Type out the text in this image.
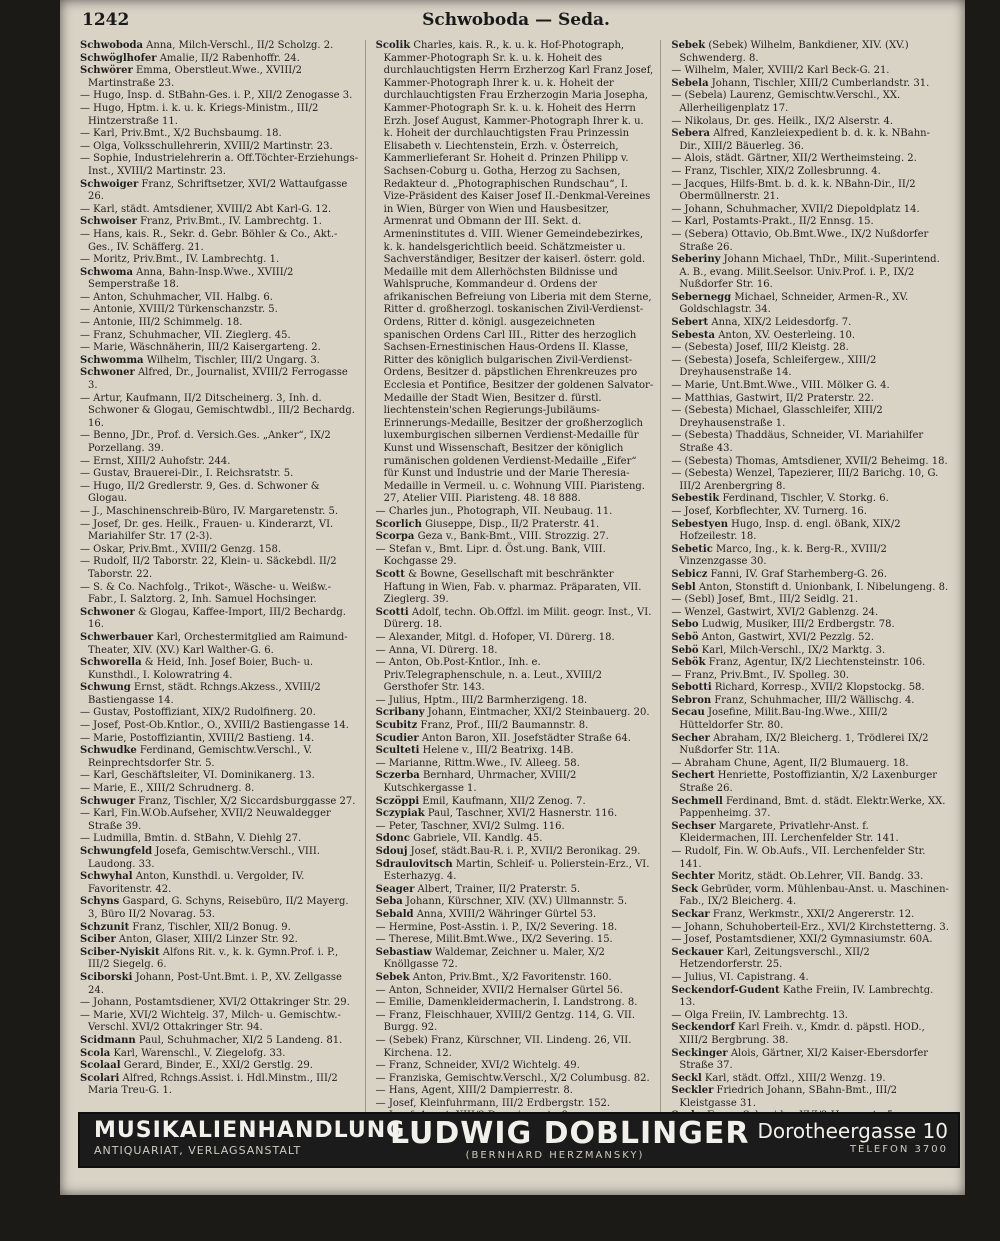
1242	Schwoboda — Seda.

Schwoboda Anna, Milch-Verschl., II/2 Scholzg. 2.

Schwöglhofer Amalie, II/2 Rabenhoffr. 24.

Schwörer Emma, Oberstleut.Wwe., XVIII/2 Martinstraße 23.

— Hugo, Insp. d. StBahn-Ges. i. P., XII/2 Zenogasse 3.

— Hugo, Hptm. i. k. u. k. Kriegs-Ministm., III/2 Hintzerstraße 11.

— Karl, Priv.Bmt., X/2 Buchsbaumg. 18.

— Olga, Volksschullehrerin, XVIII/2 Martinstr. 23.

— Sophie, Industrielehrerin a. Off.Töchter-Erziehungs-Inst., XVIII/2 Martinstr. 23.

Schwoiger Franz, Schriftsetzer, XVI/2 Wattaufgasse 26.

— Karl, städt. Amtsdiener, XVIII/2 Abt Karl-G. 12.

Schwoiser Franz, Priv.Bmt., IV. Lambrechtg. 1.

— Hans, kais. R., Sekr. d. Gebr. Böhler & Co., Akt.-Ges., IV. Schäfferg. 21.

— Moritz, Priv.Bmt., IV. Lambrechtg. 1.

Schwoma Anna, Bahn-Insp.Wwe., XVIII/2 Semperstraße 18.

— Anton, Schuhmacher, VII. Halbg. 6.

— Antonie, XVIII/2 Türkenschanzstr. 5.

— Antonie, III/2 Schimmelg. 18.

— Franz, Schuhmacher, VII. Zieglerg. 45.

— Marie, Wäschnäherin, III/2 Kaisergarteng. 2.

Schwomma Wilhelm, Tischler, III/2 Ungarg. 3.

Schwoner Alfred, Dr., Journalist, XVIII/2 Ferrogasse 3.

— Artur, Kaufmann, II/2 Ditscheinerg. 3, Inh. d. Schwoner & Glogau, Gemischtwdbl., III/2 Bechardg. 16.

— Benno, JDr., Prof. d. Versich.Ges. „Anker“, IX/2 Porzellang. 39.

— Ernst, XIII/2 Auhofstr. 244.

— Gustav, Brauerei-Dir., I. Reichsratstr. 5.

— Hugo, II/2 Gredlerstr. 9, Ges. d. Schwoner & Glogau.

— J., Maschinenschreib-Büro, IV. Margaretenstr. 5.

— Josef, Dr. ges. Heilk., Frauen- u. Kinderarzt, VI. Mariahilfer Str. 17 (2-3).

— Oskar, Priv.Bmt., XVIII/2 Genzg. 158.

— Rudolf, II/2 Taborstr. 22, Klein- u. Säckebdl. II/2 Taborstr. 22.

— S. & Co. Nachfolg., Trikot-, Wäsche- u. Weißw.-Fabr., I. Salztorg. 2, Inh. Samuel Hochsinger.

Schwoner & Glogau, Kaffee-Import, III/2 Bechardg. 16.

Schwerbauer Karl, Orchestermitglied am Raimund-Theater, XIV. (XV.) Karl Walther-G. 6.

Schworella & Heid, Inh. Josef Boier, Buch- u. Kunsthdl., I. Kolowratring 4.

Schwung Ernst, städt. Rchngs.Akzess., XVIII/2 Bastiengasse 14.

— Gustav, Postoffiziant, XIX/2 Rudolfinerg. 20.

— Josef, Post-Ob.Kntlor., O., XVIII/2 Bastiengasse 14.

— Marie, Postoffiziantin, XVIII/2 Bastieng. 14.

Schwudke Ferdinand, Gemischtw.Verschl., V. Reinprechtsdorfer Str. 5.

— Karl, Geschäftsleiter, VI. Dominikanerg. 13.

— Marie, E., XIII/2 Schrudnerg. 8.

Schwuger Franz, Tischler, X/2 Siccardsburggasse 27.

— Karl, Fin.W.Ob.Aufseher, XVII/2 Neuwaldegger Straße 39.

— Ludmilla, Bmtin. d. StBahn, V. Diehlg 27.

Schwungfeld Josefa, Gemischtw.Verschl., VIII. Laudong. 33.

Schwyhal Anton, Kunsthdl. u. Vergolder, IV. Favoritenstr. 42.

Schyns Gaspard, G. Schyns, Reisebüro, II/2 Mayerg. 3, Büro II/2 Novarag. 53.

Schzunit Franz, Tischler, XII/2 Bonug. 9.

Sciber Anton, Glaser, XIII/2 Linzer Str. 92.

Sciber-Nyiskit Alfons Rit. v., k. k. Gymn.Prof. i. P., III/2 Siegelg. 6.

Sciborski Johann, Post-Unt.Bmt. i. P., XV. Zellgasse 24.

— Johann, Postamtsdiener, XVI/2 Ottakringer Str. 29.

— Marie, XVI/2 Wichtelg. 37, Milch- u. Gemischtw.-Verschl. XVI/2 Ottakringer Str. 94.

Scidmann Paul, Schuhmacher, XI/2 5 Landeng. 81.

Scola Karl, Warenschl., V. Ziegelofg. 33.

Scolaal Gerard, Binder, E., XXI/2 Gerstlg. 29.

Scolari Alfred, Rchngs.Assist. i. Hdl.Minstm., III/2 Maria Treu-G. 1.

Scolik Charles, kais. R., k. u. k. Hof-Photograph, Kammer-Photograph Sr. k. u. k. Hoheit des durchlauchtigsten Herrn Erzherzog Karl Franz Josef, Kammer-Photograph Ihrer k. u. k. Hoheit der durchlauchtigsten Frau Erzherzogin Maria Josepha, Kammer-Photograph Sr. k. u. k. Hoheit des Herrn Erzh. Josef August, Kammer-Photograph Ihrer k. u. k. Hoheit der durchlauchtigsten Frau Prinzessin Elisabeth v. Liechtenstein, Erzh. v. Österreich, Kammerlieferant Sr. Hoheit d. Prinzen Philipp v. Sachsen-Coburg u. Gotha, Herzog zu Sachsen, Redakteur d. „Photographischen Rundschau“, I. Vize-Präsident des Kaiser Josef II.-Denkmal-Vereines in Wien, Bürger von Wien und Hausbesitzer, Armenrat und Obmann der III. Sekt. d. Armeninstitutes d. VIII. Wiener Gemeindebezirkes, k. k. handelsgerichtlich beeid. Schätzmeister u. Sachverständiger, Besitzer der kaiserl. österr. gold. Medaille mit dem Allerhöchsten Bildnisse und Wahlspruche, Kommandeur d. Ordens der afrikanischen Befreiung von Liberia mit dem Sterne, Ritter d. großherzogl. toskanischen Zivil-Verdienst-Ordens, Ritter d. königl. ausgezeichneten spanischen Ordens Carl III., Ritter des herzoglich Sachsen-Ernestinischen Haus-Ordens II. Klasse, Ritter des königlich bulgarischen Zivil-Verdienst-Ordens, Besitzer d. päpstlichen Ehrenkreuzes pro Ecclesia et Pontifice, Besitzer der goldenen Salvator-Medaille der Stadt Wien, Besitzer d. fürstl. liechtenstein'schen Regierungs-Jubiläums-Erinnerungs-Medaille, Besitzer der großherzoglich luxemburgischen silbernen Verdienst-Medaille für Kunst und Wissenschaft, Besitzer der königlich rumänischen goldenen Verdienst-Medaille „Eifer“ für Kunst und Industrie und der Marie Theresia-Medaille in Vermeil. u. c. Wohnung VIII. Piaristeng. 27, Atelier VIII. Piaristeng. 48. 18 888.

— Charles jun., Photograph, VII. Neubaug. 11.

Scorlich Giuseppe, Disp., II/2 Praterstr. 41.

Scorpa Geza v., Bank-Bmt., VIII. Strozzig. 27.

— Stefan v., Bmt. Lipr. d. Öst.ung. Bank, VIII. Kochgasse 29.

Scott & Bowne, Gesellschaft mit beschränkter Haftung in Wien, Fab. v. pharmaz. Präparaten, VII. Zieglerg. 39.

Scotti Adolf, techn. Ob.Offzl. im Milit. geogr. Inst., VI. Dürerg. 18.

— Alexander, Mitgl. d. Hofoper, VI. Dürerg. 18.

— Anna, VI. Dürerg. 18.

— Anton, Ob.Post-Kntlor., Inh. e. Priv.Telegraphenschule, n. a. Leut., XVIII/2 Gersthofer Str. 143.

— Julius, Hptm., III/2 Barmherzigeng. 18.

Scribany Johann, Eintmacher, XXI/2 Steinbauerg. 20.

Scubitz Franz, Prof., III/2 Baumannstr. 8.

Scudier Anton Baron, XII. Josefstädter Straße 64.

Sculteti Helene v., III/2 Beatrixg. 14B.

— Marianne, Rittm.Wwe., IV. Alleeg. 58.

Sczerba Bernhard, Uhrmacher, XVIII/2 Kutschkergasse 1.

Sczöppi Emil, Kaufmann, XII/2 Zenog. 7.

Sczypiak Paul, Taschner, XVI/2 Hasnerstr. 116.

— Peter, Taschner, XVI/2 Sulmg. 116.

Sdonc Gabriele, VII. Kandlg. 45.

Sdouj Josef, städt.Bau-R. i. P., XVII/2 Beronikag. 29.

Sdraulovitsch Martin, Schleif- u. Polierstein-Erz., VI. Esterhazyg. 4.

Seager Albert, Trainer, II/2 Praterstr. 5.

Seba Johann, Kürschner, XIV. (XV.) Ullmannstr. 5.

Sebald Anna, XVIII/2 Währinger Gürtel 53.

— Hermine, Post-Asstin. i. P., IX/2 Severing. 18.

— Therese, Milit.Bmt.Wwe., IX/2 Severing. 15.

Sebastiaw Waldemar, Zeichner u. Maler, X/2 Knöllgasse 72.

Sebek Anton, Priv.Bmt., X/2 Favoritenstr. 160.

— Anton, Schneider, XVII/2 Hernalser Gürtel 56.

— Emilie, Damenkleidermacherin, I. Landstrong. 8.

— Franz, Fleischhauer, XVIII/2 Gentzg. 114, G. VII. Burgg. 92.

— (Sebek) Franz, Kürschner, VII. Lindeng. 26, VII. Kirchena. 12.

— Franz, Schneider, XVI/2 Wichtelg. 49.

— Franziska, Gemischtw.Verschl., X/2 Columbusg. 82.

— Hans, Agent, XIII/2 Dampierrestr. 8.

— Josef, Kleinfuhrmann, III/2 Erdbergstr. 152.

Sebek (Sebek) Wilhelm, Bankdiener, XIV. (XV.) Schwenderg. 8.

— Wilhelm, Maler, XVIII/2 Karl Beck-G. 21.

Sebela Johann, Tischler, XIII/2 Cumberlandstr. 31.

— (Sebela) Laurenz, Gemischtw.Verschl., XX. Allerheiligenplatz 17.

— Nikolaus, Dr. ges. Heilk., IX/2 Alserstr. 4.

Sebera Alfred, Kanzleiexpedient b. d. k. k. NBahn-Dir., XIII/2 Bäuerleg. 36.

— Alois, städt. Gärtner, XII/2 Wertheimsteing. 2.

— Franz, Tischler, XIX/2 Zollesbrunng. 4.

— Jacques, Hilfs-Bmt. b. d. k. k. NBahn-Dir., II/2 Obermüllnerstr. 21.

— Johann, Schuhmacher, XVII/2 Diepoldplatz 14.

— Karl, Postamts-Prakt., II/2 Ennsg. 15.

— (Sebera) Ottavio, Ob.Bmt.Wwe., IX/2 Nußdorfer Straße 26.

Seberiny Johann Michael, ThDr., Milit.-Superintend. A. B., evang. Milit.Seelsor. Univ.Prof. i. P., IX/2 Nußdorfer Str. 16.

Sebernegg Michael, Schneider, Armen-R., XV. Goldschlagstr. 34.

Sebert Anna, XIX/2 Leidesdorfg. 7.

Sebesta Anton, XV. Oesterleing. 10.

— (Sebesta) Josef, III/2 Kleistg. 28.

— (Sebesta) Josefa, Schleifergew., XIII/2 Dreyhausenstraße 14.

— Marie, Unt.Bmt.Wwe., VIII. Mölker G. 4.

— Matthias, Gastwirt, II/2 Praterstr. 22.

— (Sebesta) Michael, Glasschleifer, XIII/2 Dreyhausenstraße 1.

— (Sebesta) Thaddäus, Schneider, VI. Mariahilfer Straße 43.

— (Sebesta) Thomas, Amtsdiener, XVII/2 Beheimg. 18.

— (Sebesta) Wenzel, Tapezierer, III/2 Barichg. 10, G. III/2 Arenbergring 8.

Sebestik Ferdinand, Tischler, V. Storkg. 6.

— Josef, Korbflechter, XV. Turnerg. 16.

Sebestyen Hugo, Insp. d. engl. öBank, XIX/2 Hofzeilestr. 18.

Sebetic Marco, Ing., k. k. Berg-R., XVIII/2 Vinzenzgasse 30.

Sebicz Fanni, IV. Graf Starhemberg-G. 26.

Sebl Anton, Stonstift d. Unionbank, I. Nibelungeng. 8.

— (Sebl) Josef, Bmt., III/2 Seidlg. 21.

— Wenzel, Gastwirt, XVI/2 Gablenzg. 24.

Sebo Ludwig, Musiker, III/2 Erdbergstr. 78.

Sebö Anton, Gastwirt, XVI/2 Pezzlg. 52.

Sebö Karl, Milch-Verschl., IX/2 Marktg. 3.

Sebök Franz, Agentur, IX/2 Liechtensteinstr. 106.

— Franz, Priv.Bmt., IV. Spolleg. 30.

Sebotti Richard, Korresp., XVII/2 Klopstockg. 58.

Sebron Franz, Schuhmacher, III/2 Wällischg. 4.

Secau Josefine, Milit.Bau-Ing.Wwe., XIII/2 Hütteldorfer Str. 80.

Secher Abraham, IX/2 Bleicherg. 1, Trödlerei IX/2 Nußdorfer Str. 11A.

— Abraham Chune, Agent, II/2 Blumauerg. 18.

Sechert Henriette, Postoffiziantin, X/2 Laxenburger Straße 26.

Sechmell Ferdinand, Bmt. d. städt. Elektr.Werke, XX. Pappenheimg. 37.

Sechser Margarete, Privatlehr-Anst. f. Kleidermachen, III. Lerchenfelder Str. 141.

— Rudolf, Fin. W. Ob.Aufs., VII. Lerchenfelder Str. 141.

Sechter Moritz, städt. Ob.Lehrer, VII. Bandg. 33.

Seck Gebrüder, vorm. Mühlenbau-Anst. u. Maschinen-Fab., IX/2 Bleicherg. 4.

Seckar Franz, Werkmstr., XXI/2 Angererstr. 12.

— Johann, Schuhoberteil-Erz., XVI/2 Kirchstetterng. 3.

— Josef, Postamtsdiener, XXI/2 Gymnasiumstr. 60A.

Seckauer Karl, Zeitungsverschl., XII/2 Hetzendorferstr. 25.

— Julius, VI. Capistrang. 4.

Seckendorf-Gudent Kathe Freiin, IV. Lambrechtg. 13.

— Olga Freiin, IV. Lambrechtg. 13.

Seckendorf Karl Freih. v., Kmdr. d. päpstl. HOD., XIII/2 Bergbrung. 38.

Seckinger Alois, Gärtner, XI/2 Kaiser-Ebersdorfer Straße 37.

Seckl Karl, städt. Offzl., XIII/2 Wenzg. 19.

Seckler Friedrich Johann, SBahn-Bmt., III/2 Kleistgasse 31.

MUSIKALIENHANDLUNG
ANTIQUARIAT, VERLAGSANSTALT	LUDWIG DOBLINGER
(BERNHARD HERZMANSKY)
Dorotheergasse 10
TELEFON 3700
